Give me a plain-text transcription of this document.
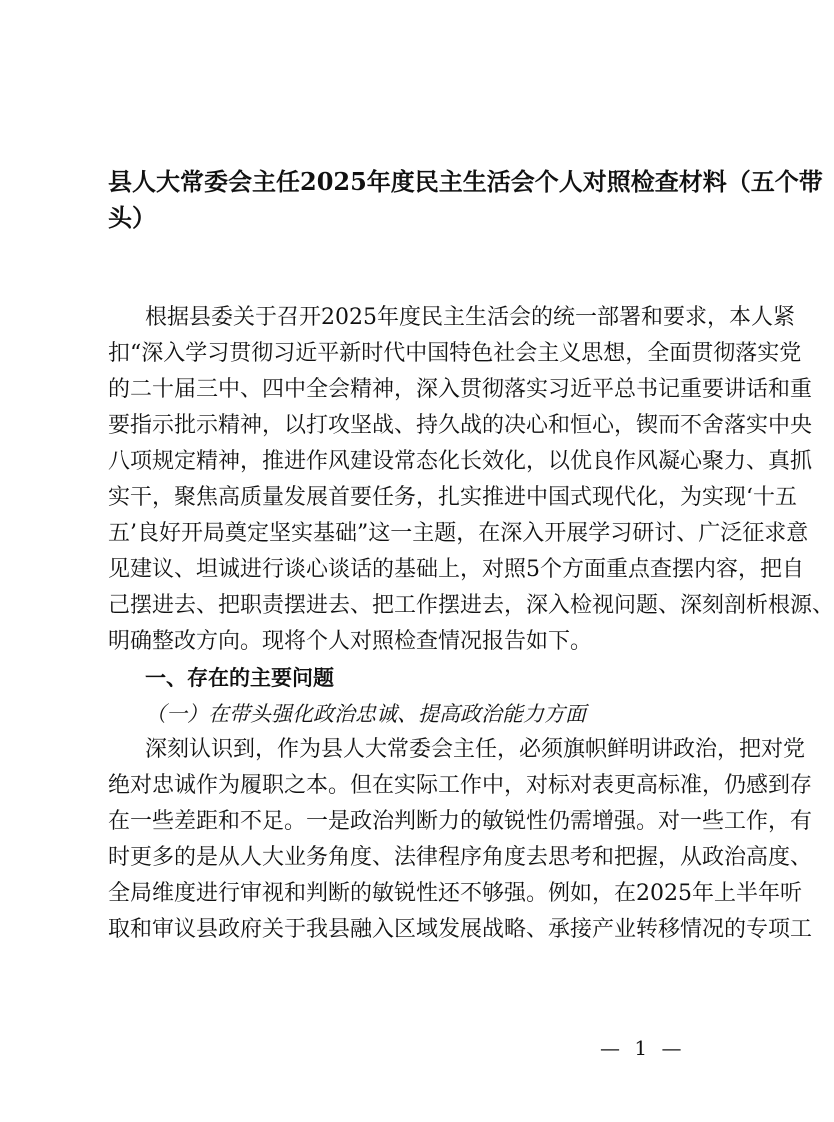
县人大常委会主任2025年度民主生活会个人对照检查材料（五个带
头）
根据县委关于召开2025年度民主生活会的统一部署和要求，本人紧
扣“深入学习贯彻习近平新时代中国特色社会主义思想，全面贯彻落实党
的二十届三中、四中全会精神，深入贯彻落实习近平总书记重要讲话和重
要指示批示精神，以打攻坚战、持久战的决心和恒心，锲而不舍落实中央
八项规定精神，推进作风建设常态化长效化，以优良作风凝心聚力、真抓
实干，聚焦高质量发展首要任务，扎实推进中国式现代化，为实现‘十五
五’良好开局奠定坚实基础”这一主题，在深入开展学习研讨、广泛征求意
见建议、坦诚进行谈心谈话的基础上，对照5个方面重点查摆内容，把自
己摆进去、把职责摆进去、把工作摆进去，深入检视问题、深刻剖析根源、
明确整改方向。现将个人对照检查情况报告如下。
一、存在的主要问题
（一）在带头强化政治忠诚、提高政治能力方面
深刻认识到，作为县人大常委会主任，必须旗帜鲜明讲政治，把对党
绝对忠诚作为履职之本。但在实际工作中，对标对表更高标准，仍感到存
在一些差距和不足。一是政治判断力的敏锐性仍需增强。对一些工作，有
时更多的是从人大业务角度、法律程序角度去思考和把握，从政治高度、
全局维度进行审视和判断的敏锐性还不够强。例如，在2025年上半年听
取和审议县政府关于我县融入区域发展战略、承接产业转移情况的专项工
— 1 —
